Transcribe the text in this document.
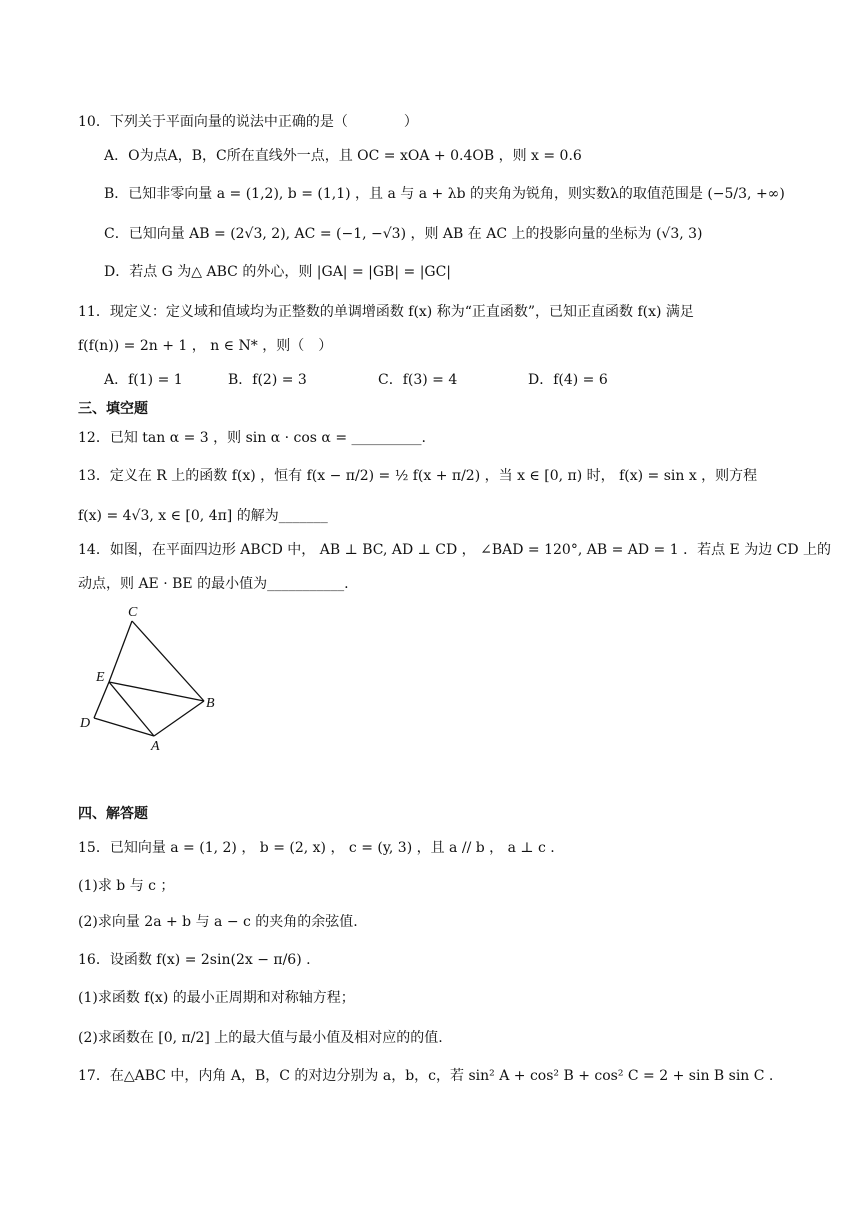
10．下列关于平面向量的说法中正确的是（　　　　）
A．O为点A，B，C所在直线外一点，且 OC = xOA + 0.4OB ，则 x = 0.6
B．已知非零向量 a = (1,2), b = (1,1) ，且 a 与 a + λb 的夹角为锐角，则实数λ的取值范围是 (−5/3, +∞)
C．已知向量 AB = (2√3, 2), AC = (−1, −√3) ，则 AB 在 AC 上的投影向量的坐标为 (√3, 3)
D．若点 G 为△ ABC 的外心，则 |GA| = |GB| = |GC|
11．现定义：定义域和值域均为正整数的单调增函数 f(x) 称为“正直函数”，已知正直函数 f(x) 满足
f(f(n)) = 2n + 1 ， n ∈ N* ，则（　）
A．f(1) = 1	B．f(2) = 3	C．f(3) = 4	D．f(4) = 6
三、填空题
12．已知 tan α = 3 ，则 sin α · cos α = __________.
13．定义在 R 上的函数 f(x) ，恒有 f(x − π/2) = ½ f(x + π/2) ，当 x ∈ [0, π) 时， f(x) = sin x ，则方程
f(x) = 4√3, x ∈ [0, 4π] 的解为_______
14．如图，在平面四边形 ABCD 中， AB ⊥ BC, AD ⊥ CD ， ∠BAD = 120°, AB = AD = 1 ．若点 E 为边 CD 上的
动点，则 AE · BE 的最小值为___________.
C
E
B
D
A
四、解答题
15．已知向量 a = (1, 2) ， b = (2, x) ， c = (y, 3) ，且 a // b ， a ⊥ c .
(1)求 b 与 c ；
(2)求向量 2a + b 与 a − c 的夹角的余弦值.
16．设函数 f(x) = 2sin(2x − π/6) .
(1)求函数 f(x) 的最小正周期和对称轴方程；
(2)求函数在 [0, π/2] 上的最大值与最小值及相对应的的值.
17．在△ABC 中，内角 A，B，C 的对边分别为 a，b，c，若 sin² A + cos² B + cos² C = 2 + sin B sin C .
